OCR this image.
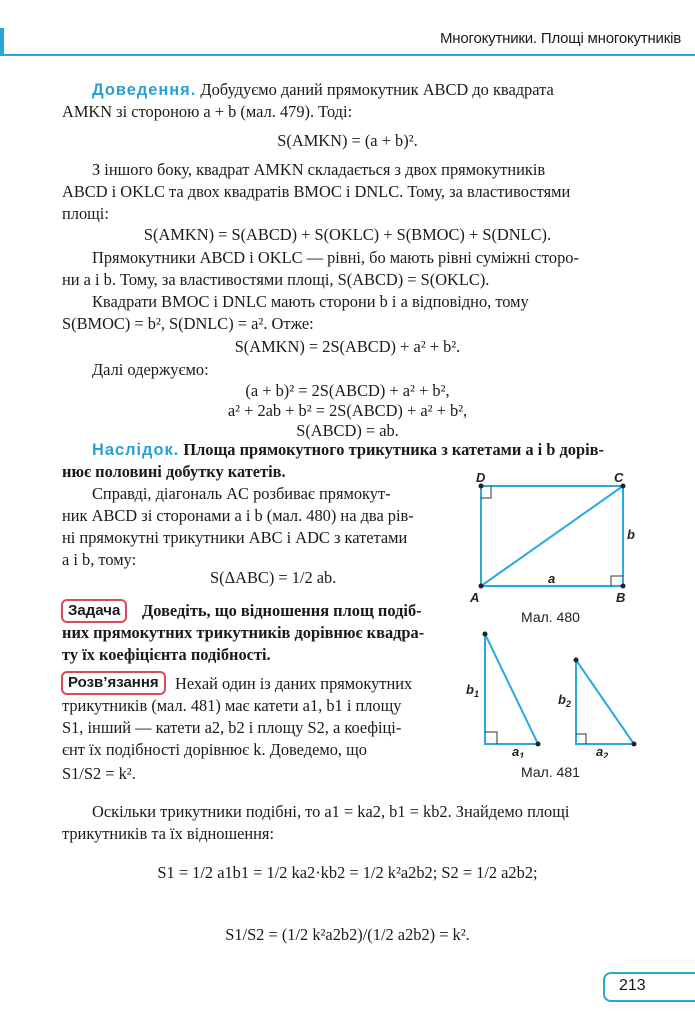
Многокутники. Площі многокутників
Доведення. Добудуємо даний прямокутник ABCD до квадрата
AMKN зі стороною a + b (мал. 479). Тоді:
S(AMKN) = (a + b)².
З іншого боку, квадрат AMKN складається з двох прямокутників
ABCD і OKLC та двох квадратів BMOC і DNLC. Тому, за властивостями
площі:
S(AMKN) = S(ABCD) + S(OKLC) + S(BMOC) + S(DNLC).
Прямокутники ABCD і OKLC — рівні, бо мають рівні суміжні сторо-
ни a і b. Тому, за властивостями площі, S(ABCD) = S(OKLC).
Квадрати BMOC і DNLC мають сторони b і a відповідно, тому
S(BMOC) = b², S(DNLC) = a². Отже:
S(AMKN) = 2S(ABCD) + a² + b².
Далі одержуємо:
(a + b)² = 2S(ABCD) + a² + b²,
a² + 2ab + b² = 2S(ABCD) + a² + b²,
S(ABCD) = ab.
Наслідок. Площа прямокутного трикутника з катетами a і b дорів-
нює половині добутку катетів.
Справді, діагональ AC розбиває прямокут-
ник ABCD зі сторонами a і b (мал. 480) на два рів-
ні прямокутні трикутники ABC і ADC з катетами
a і b, тому:
S(ΔABC) = 1/2 ab.
D	C
A	B
a
b
Мал. 480
Задача	Доведіть, що відношення площ подіб-
них прямокутних трикутників дорівнює квадра-
ту їх коефіцієнта подібності.
Розв’язання Нехай один із даних прямокутних
трикутників (мал. 481) має катети a1, b1 і площу
S1, інший — катети a2, b2 і площу S2, а коефіці-
єнт їх подібності дорівнює k. Доведемо, що
S1/S2 = k².
$b_1$
$a_1$
$b_2$
$a_2$
Мал. 481
Оскільки трикутники подібні, то a1 = ka2, b1 = kb2. Знайдемо площі
трикутників та їх відношення:
S1 = 1/2 a1b1 = 1/2 ka2·kb2 = 1/2 k²a2b2; S2 = 1/2 a2b2;
S1/S2 = (1/2 k²a2b2)/(1/2 a2b2) = k².
213
